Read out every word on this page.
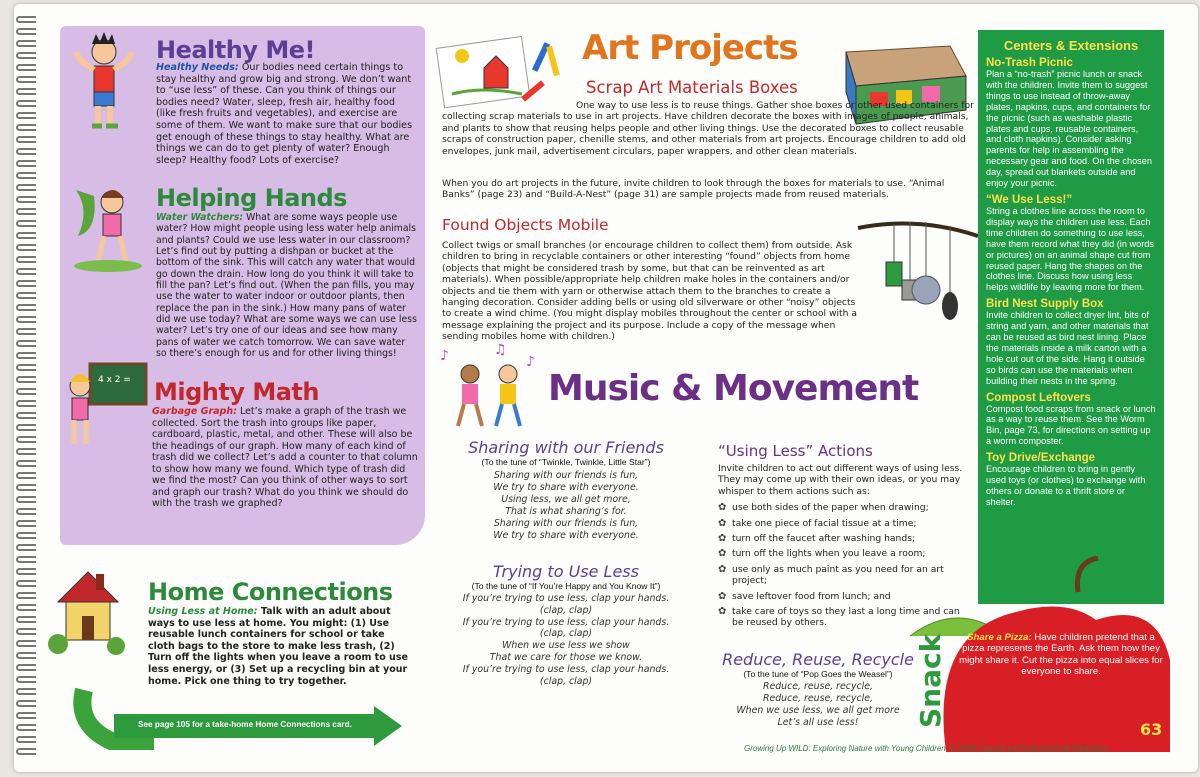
Healthy Me!
Healthy Needs: Our bodies need certain things to stay healthy and grow big and strong. We don’t want to “use less” of these. Can you think of things our bodies need? Water, sleep, fresh air, healthy food (like fresh fruits and vegetables), and exercise are some of them. We want to make sure that our bodies get enough of these things to stay healthy. What are things we can do to get plenty of water? Enough sleep? Healthy food? Lots of exercise?
Helping Hands
Water Watchers: What are some ways people use water? How might people using less water help animals and plants? Could we use less water in our classroom? Let’s find out by putting a dishpan or bucket at the bottom of the sink. This will catch any water that would go down the drain. How long do you think it will take to fill the pan? Let’s find out. (When the pan fills, you may use the water to water indoor or outdoor plants, then replace the pan in the sink.) How many pans of water did we use today? What are some ways we can use less water? Let’s try one of our ideas and see how many pans of water we catch tomorrow. We can save water so there’s enough for us and for other living things!
4 x 2 = Mighty Math
Garbage Graph: Let’s make a graph of the trash we collected. Sort the trash into groups like paper, cardboard, plastic, metal, and other. These will also be the headings of our graph. How many of each kind of trash did we collect? Let’s add a counter to that column to show how many we found. Which type of trash did we find the most? Can you think of other ways to sort and graph our trash? What do you think we should do with the trash we graphed?
Home Connections
Using Less at Home: Talk with an adult about ways to use less at home. You might: (1) Use reusable lunch containers for school or take cloth bags to the store to make less trash, (2) Turn off the lights when you leave a room to use less energy, or (3) Set up a recycling bin at your home. Pick one thing to try together.
See page 105 for a take-home Home Connections card.
Art Projects
Scrap Art Materials Boxes
One way to use less is to reuse things. Gather shoe boxes or other used containers for collecting scrap materials to use in art projects. Have children decorate the boxes with images of people, animals, and plants to show that reusing helps people and other living things. Use the decorated boxes to collect reusable scraps of construction paper, chenille stems, and other materials from art projects. Encourage children to add old envelopes, junk mail, advertisement circulars, paper wrappers, and other clean materials.
When you do art projects in the future, invite children to look through the boxes for materials to use. “Animal Banks” (page 23) and “Build-A-Nest” (page 31) are sample projects made from reused materials.
Found Objects Mobile
Collect twigs or small branches (or encourage children to collect them) from outside. Ask children to bring in recyclable containers or other interesting “found” objects from home (objects that might be considered trash by some, but that can be reinvented as art materials). When possible/appropriate help children make holes in the containers and/or objects and tie them with yarn or otherwise attach them to the branches to create a hanging decoration. Consider adding bells or using old silverware or other “noisy” objects to create a wind chime. (You might display mobiles throughout the center or school with a message explaining the project and its purpose. Include a copy of the message when sending mobiles home with children.)
♪	♫
♪
Music & Movement
Sharing with our Friends
(To the tune of “Twinkle, Twinkle, Little Star”)
Sharing with our friends is fun,
We try to share with everyone.
Using less, we all get more,
That is what sharing’s for.
Sharing with our friends is fun,
We try to share with everyone.
Trying to Use Less
(To the tune of “If You’re Happy and You Know It”)
If you’re trying to use less, clap your hands.
(clap, clap)
If you’re trying to use less, clap your hands.
(clap, clap)
When we use less we show
That we care for those we know.
If you’re trying to use less, clap your hands.
(clap, clap)
“Using Less” Actions
Invite children to act out different ways of using less. They may come up with their own ideas, or you may whisper to them actions such as:
✿ use both sides of the paper when drawing;
✿ take one piece of facial tissue at a time;
✿ turn off the faucet after washing hands;
✿ turn off the lights when you leave a room;
✿ use only as much paint as you need for an art project;
✿ save leftover food from lunch; and
✿ take care of toys so they last a long time and can be reused by others.
Reduce, Reuse, Recycle
(To the tune of “Pop Goes the Weasel”)
Reduce, reuse, recycle,
Reduce, reuse, recycle,
When we use less, we all get more
Let’s all use less!
Centers & Extensions
No-Trash Picnic
Plan a “no-trash” picnic lunch or snack with the children. Invite them to suggest things to use instead of throw-away plates, napkins, cups, and containers for the picnic (such as washable plastic plates and cups, reusable containers, and cloth napkins). Consider asking parents for help in assembling the necessary gear and food. On the chosen day, spread out blankets outside and enjoy your picnic.
“We Use Less!”
String a clothes line across the room to display ways the children use less. Each time children do something to use less, have them record what they did (in words or pictures) on an animal shape cut from reused paper. Hang the shapes on the clothes line. Discuss how using less helps wildlife by leaving more for them.
Bird Nest Supply Box
Invite children to collect dryer lint, bits of string and yarn, and other materials that can be reused as bird nest lining. Place the materials inside a milk carton with a hole cut out of the side. Hang it outside so birds can use the materials when building their nests in the spring.
Compost Leftovers
Compost food scraps from snack or lunch as a way to reuse them. See the Worm Bin, page 73, for directions on setting up a worm composter.
Toy Drive/Exchange
Encourage children to bring in gently used toys (or clothes) to exchange with others or donate to a thrift store or shelter.
Snack	Share a Pizza: Have children pretend that a pizza represents the Earth. Ask them how they might share it. Cut the pizza into equal slices for everyone to share.
63
Growing Up WILD: Exploring Nature with Young Children © 2009 Council for Environmental Education
